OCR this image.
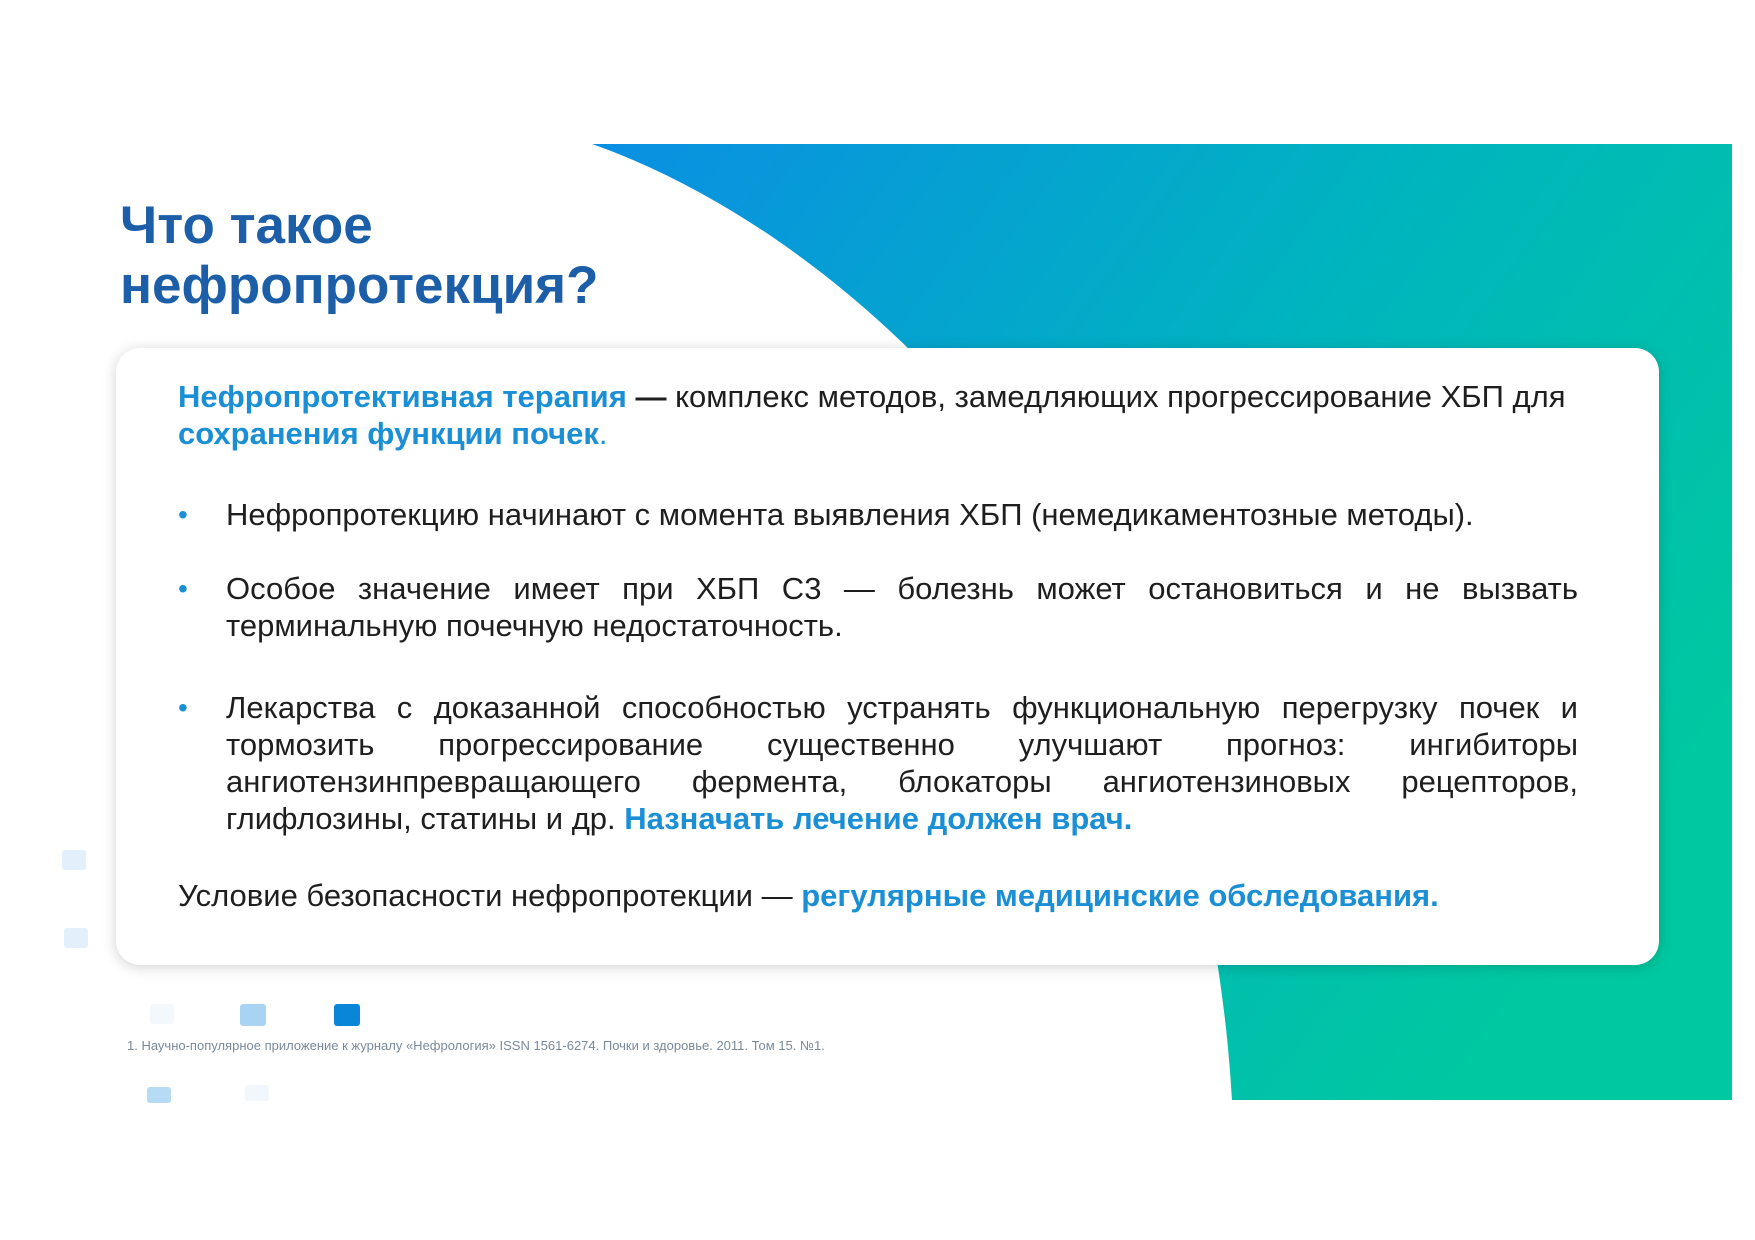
Что такое
нефропротекция?
Нефропротективная терапия — комплекс методов, замедляющих прогрессирование ХБП для сохранения функции почек.
• Нефропротекцию начинают с момента выявления ХБП (немедикаментозные методы).
• Особое значение имеет при ХБП С3 — болезнь может остановиться и не вызвать терминальную почечную недостаточность.
• Лекарства с доказанной способностью устранять функциональную перегрузку почек и тормозить прогрессирование существенно улучшают прогноз: ингибиторы ангиотензинпревращающего фермента, блокаторы ангиотензиновых рецепторов, глифлозины, статины и др. Назначать лечение должен врач.
Условие безопасности нефропротекции — регулярные медицинские обследования.
1. Научно-популярное приложение к журналу «Нефрология» ISSN 1561-6274. Почки и здоровье. 2011. Том 15. №1.
